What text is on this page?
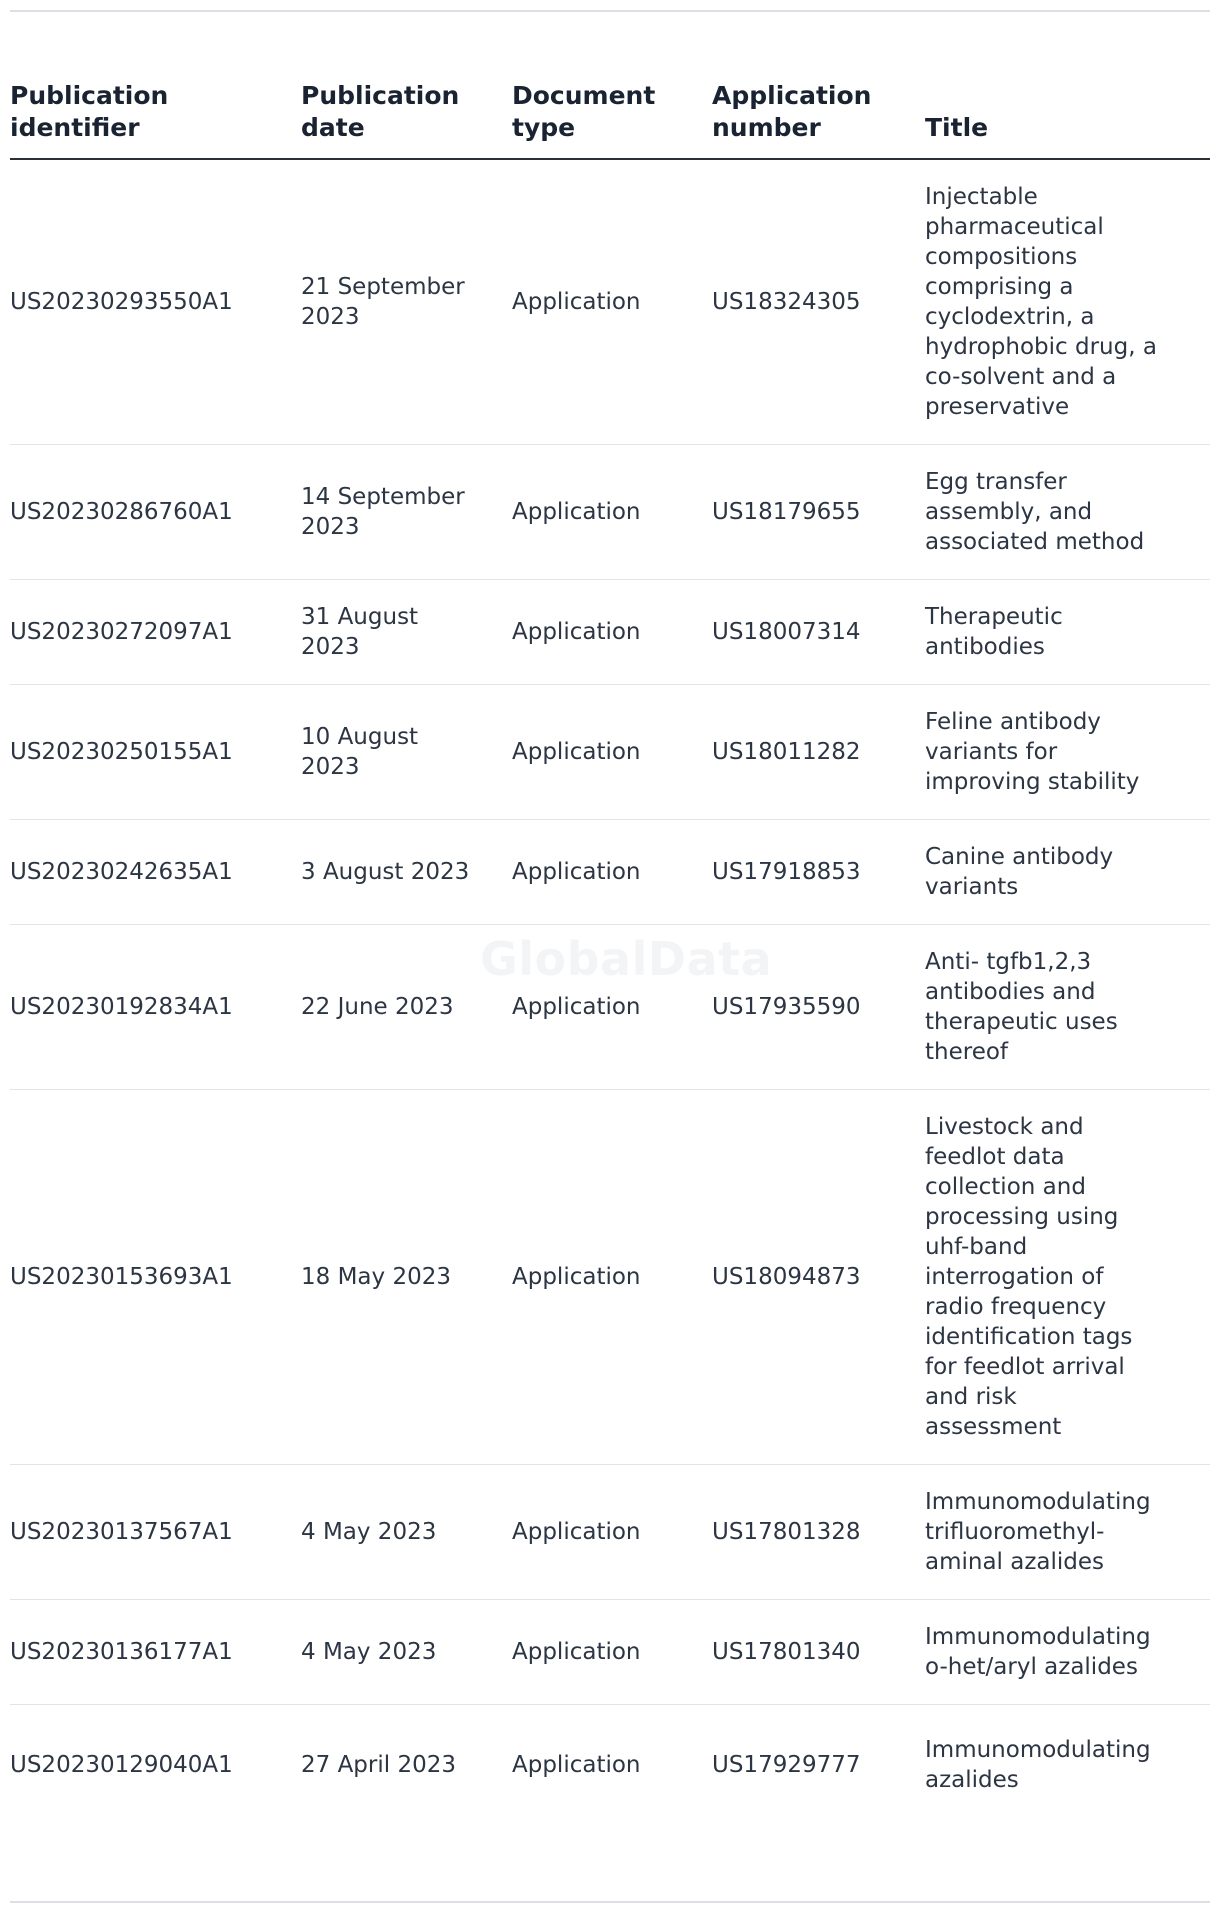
GlobalData
Publication identifier	Publication date	Document type	Application number	Title
US20230293550A1	21 September 2023	Application	US18324305	Injectable pharmaceutical compositions comprising a cyclodextrin, a hydrophobic drug, a co-solvent and a preservative
US20230286760A1	14 September 2023	Application	US18179655	Egg transfer assembly, and associated method
US20230272097A1	31 August 2023	Application	US18007314	Therapeutic antibodies
US20230250155A1	10 August 2023	Application	US18011282	Feline antibody variants for improving stability
US20230242635A1	3 August 2023	Application	US17918853	Canine antibody variants
US20230192834A1	22 June 2023	Application	US17935590	Anti- tgfb1,2,3 antibodies and therapeutic uses thereof
US20230153693A1	18 May 2023	Application	US18094873	Livestock and feedlot data collection and processing using uhf-band interrogation of radio frequency identification tags for feedlot arrival and risk assessment
US20230137567A1	4 May 2023	Application	US17801328	Immunomodulating trifluoromethyl-aminal azalides
US20230136177A1	4 May 2023	Application	US17801340	Immunomodulating o-het/aryl azalides
US20230129040A1	27 April 2023	Application	US17929777	Immunomodulating azalides
